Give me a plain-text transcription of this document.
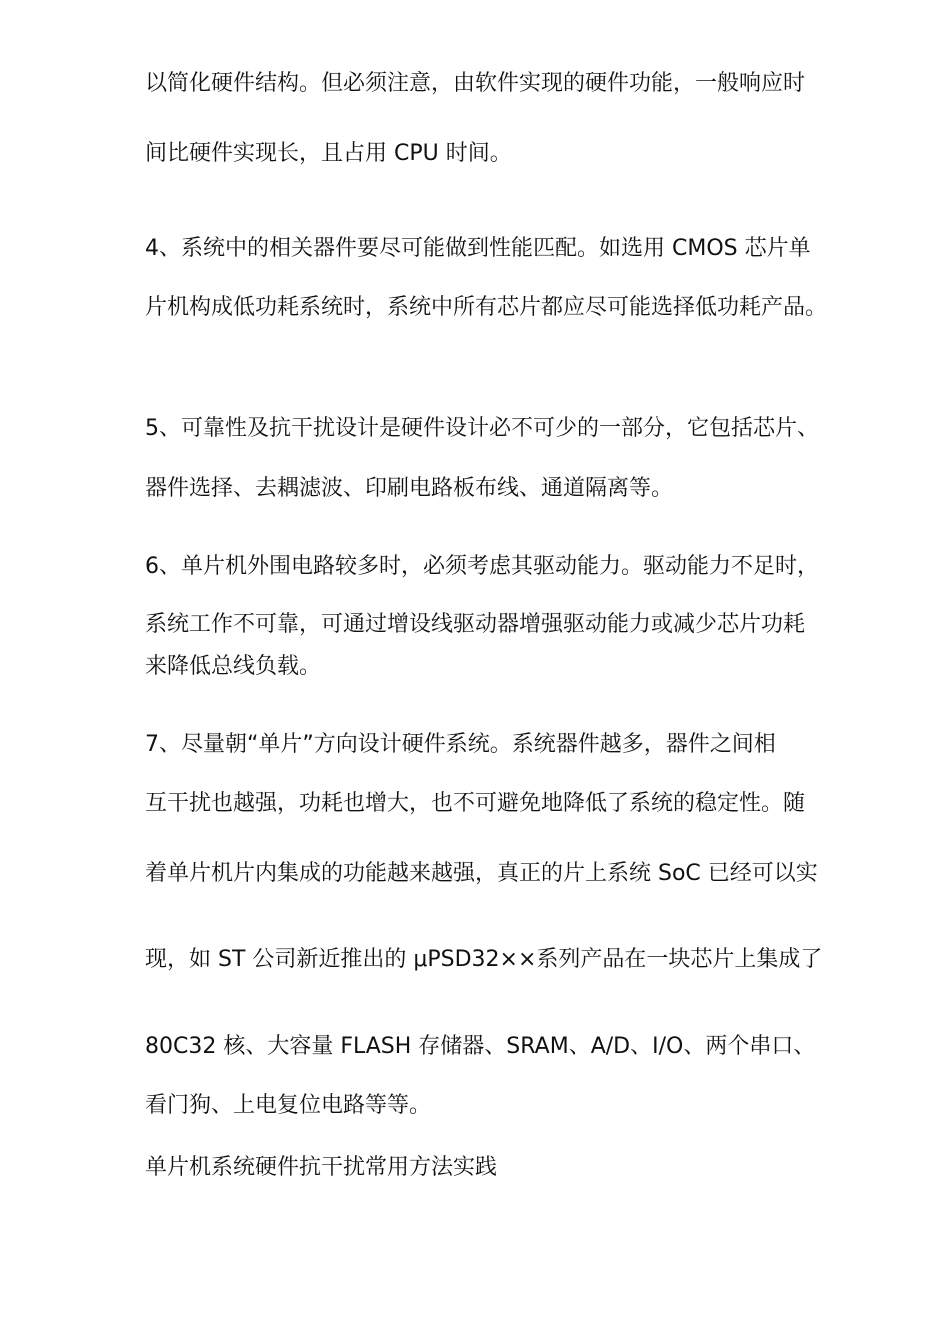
以简化硬件结构。但必须注意，由软件实现的硬件功能，一般响应时

间比硬件实现长，且占用 CPU 时间。

4、系统中的相关器件要尽可能做到性能匹配。如选用 CMOS 芯片单

片机构成低功耗系统时，系统中所有芯片都应尽可能选择低功耗产品。

5、可靠性及抗干扰设计是硬件设计必不可少的一部分，它包括芯片、

器件选择、去耦滤波、印刷电路板布线、通道隔离等。

6、单片机外围电路较多时，必须考虑其驱动能力。驱动能力不足时，

系统工作不可靠，可通过增设线驱动器增强驱动能力或减少芯片功耗

来降低总线负载。

7、尽量朝“单片”方向设计硬件系统。系统器件越多，器件之间相

互干扰也越强，功耗也增大，也不可避免地降低了系统的稳定性。随

着单片机片内集成的功能越来越强，真正的片上系统 SoC 已经可以实

现，如 ST 公司新近推出的 μPSD32××系列产品在一块芯片上集成了

80C32 核、大容量 FLASH 存储器、SRAM、A/D、I/O、两个串口、

看门狗、上电复位电路等等。

单片机系统硬件抗干扰常用方法实践
